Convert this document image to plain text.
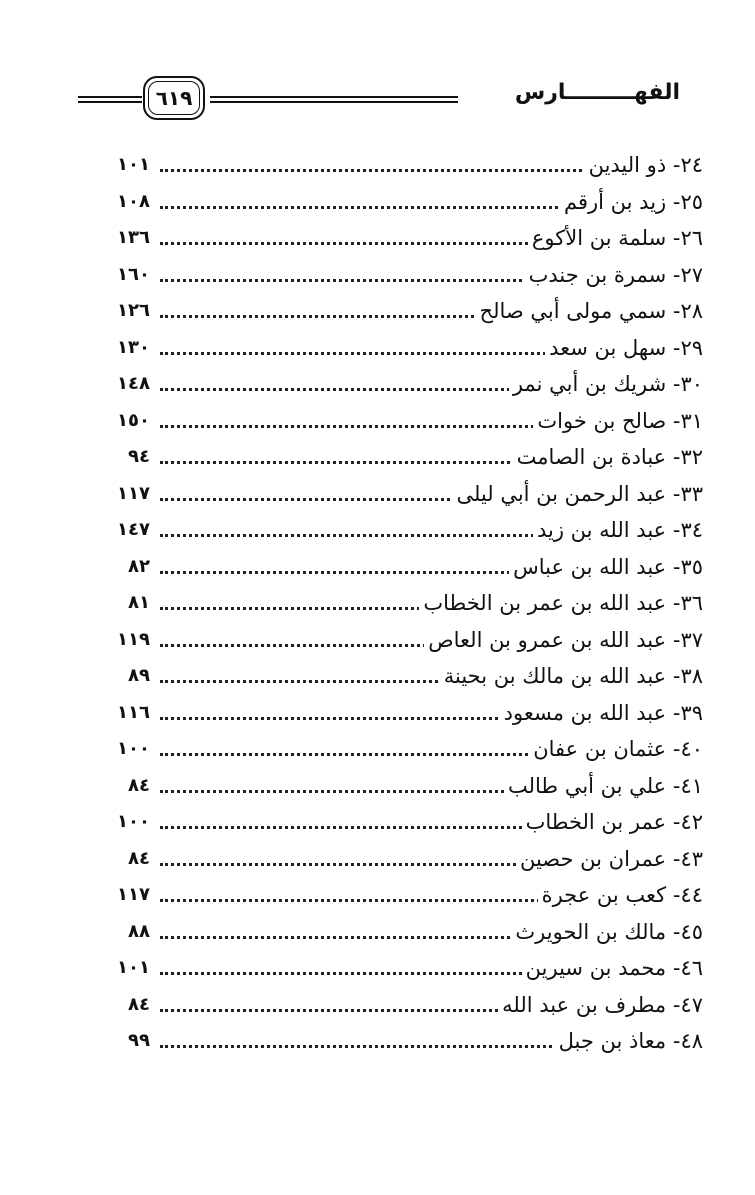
٦١٩	الفهـــــــــارس
٢٤- ذو اليدين
١٠١
٢٥- زيد بن أرقم
١٠٨
٢٦- سلمة بن الأكوع
١٣٦
٢٧- سمرة بن جندب
١٦٠
٢٨- سمي مولى أبي صالح
١٢٦
٢٩- سهل بن سعد
١٣٠
٣٠- شريك بن أبي نمر
١٤٨
٣١- صالح بن خوات
١٥٠
٣٢- عبادة بن الصامت
٩٤
٣٣- عبد الرحمن بن أبي ليلى
١١٧
٣٤- عبد الله بن زيد
١٤٧
٣٥- عبد الله بن عباس
٨٢
٣٦- عبد الله بن عمر بن الخطاب
٨١
٣٧- عبد الله بن عمرو بن العاص
١١٩
٣٨- عبد الله بن مالك بن بحينة
٨٩
٣٩- عبد الله بن مسعود
١١٦
٤٠- عثمان بن عفان
١٠٠
٤١- علي بن أبي طالب
٨٤
٤٢- عمر بن الخطاب
١٠٠
٤٣- عمران بن حصين
٨٤
٤٤- كعب بن عجرة
١١٧
٤٥- مالك بن الحويرث
٨٨
٤٦- محمد بن سيرين
١٠١
٤٧- مطرف بن عبد الله
٨٤
٤٨- معاذ بن جبل
٩٩
